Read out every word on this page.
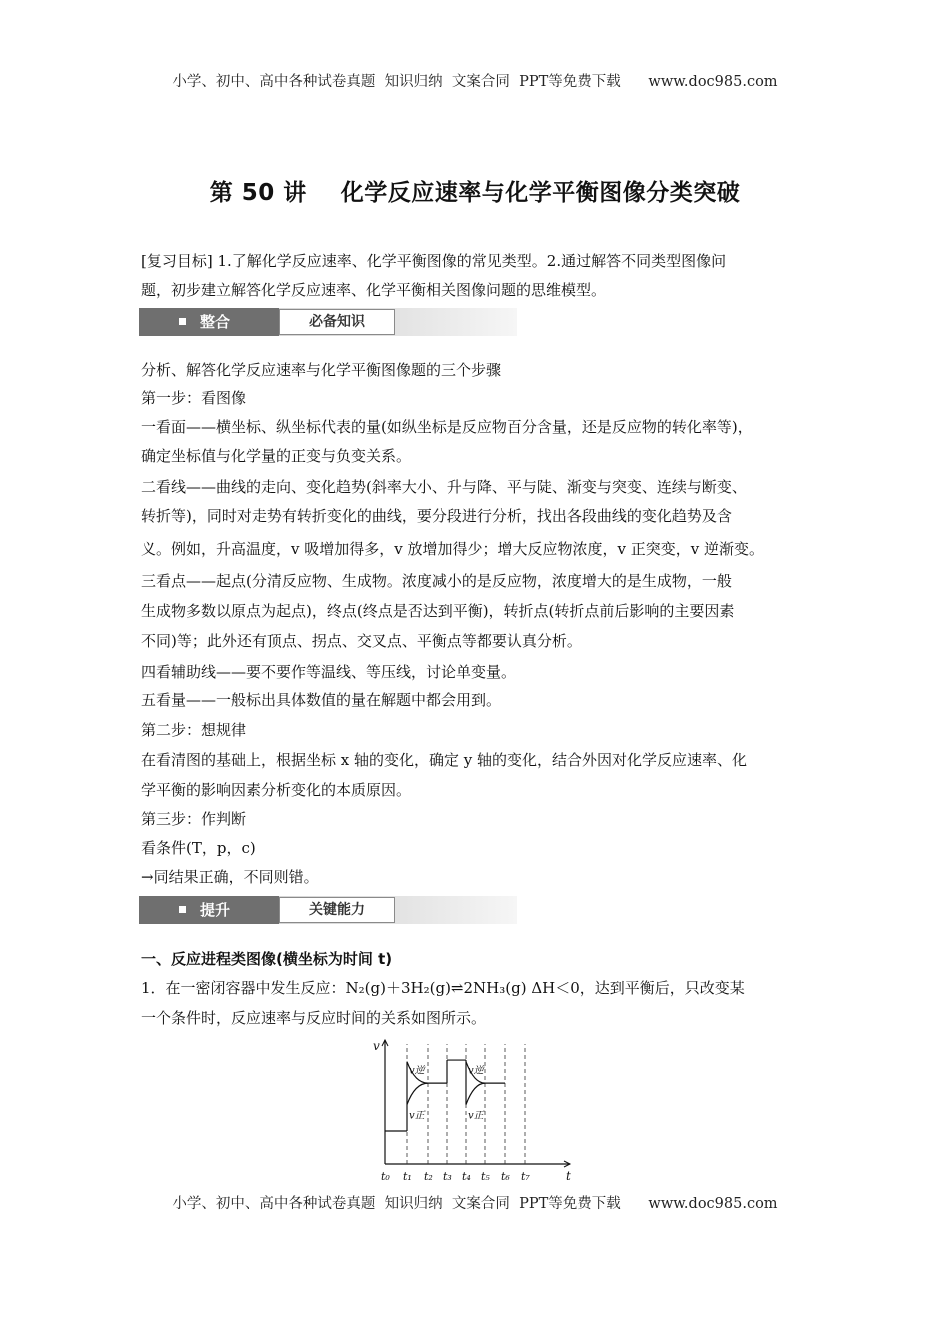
小学、初中、高中各种试卷真题  知识归纳  文案合同  PPT等免费下载      www.doc985.com
第 50 讲    化学反应速率与化学平衡图像分类突破
[复习目标] 1.了解化学反应速率、化学平衡图像的常见类型。2.通过解答不同类型图像问
题，初步建立解答化学反应速率、化学平衡相关图像问题的思维模型。
整合	必备知识
分析、解答化学反应速率与化学平衡图像题的三个步骤
第一步：看图像
一看面——横坐标、纵坐标代表的量(如纵坐标是反应物百分含量，还是反应物的转化率等)，
确定坐标值与化学量的正变与负变关系。
二看线——曲线的走向、变化趋势(斜率大小、升与降、平与陡、渐变与突变、连续与断变、
转折等)，同时对走势有转折变化的曲线，要分段进行分析，找出各段曲线的变化趋势及含
义。例如，升高温度，v 吸增加得多，v 放增加得少；增大反应物浓度，v 正突变，v 逆渐变。
三看点——起点(分清反应物、生成物。浓度减小的是反应物，浓度增大的是生成物，一般
生成物多数以原点为起点)，终点(终点是否达到平衡)，转折点(转折点前后影响的主要因素
不同)等；此外还有顶点、拐点、交叉点、平衡点等都要认真分析。
四看辅助线——要不要作等温线、等压线，讨论单变量。
五看量——一般标出具体数值的量在解题中都会用到。
第二步：想规律
在看清图的基础上，根据坐标 x 轴的变化，确定 y 轴的变化，结合外因对化学反应速率、化
学平衡的影响因素分析变化的本质原因。
第三步：作判断
看条件(T，p，c)
→同结果正确，不同则错。
提升	关键能力
一、反应进程类图像(横坐标为时间 t)
1．在一密闭容器中发生反应：N₂(g)＋3H₂(g)⇌2NH₃(g) ΔH＜0，达到平衡后，只改变某
一个条件时，反应速率与反应时间的关系如图所示。
v
t
t₀ t₁ t₂ t₃ t₄ t₅ t₆ t₇
v逆
v正
v逆
v正
小学、初中、高中各种试卷真题  知识归纳  文案合同  PPT等免费下载      www.doc985.com
